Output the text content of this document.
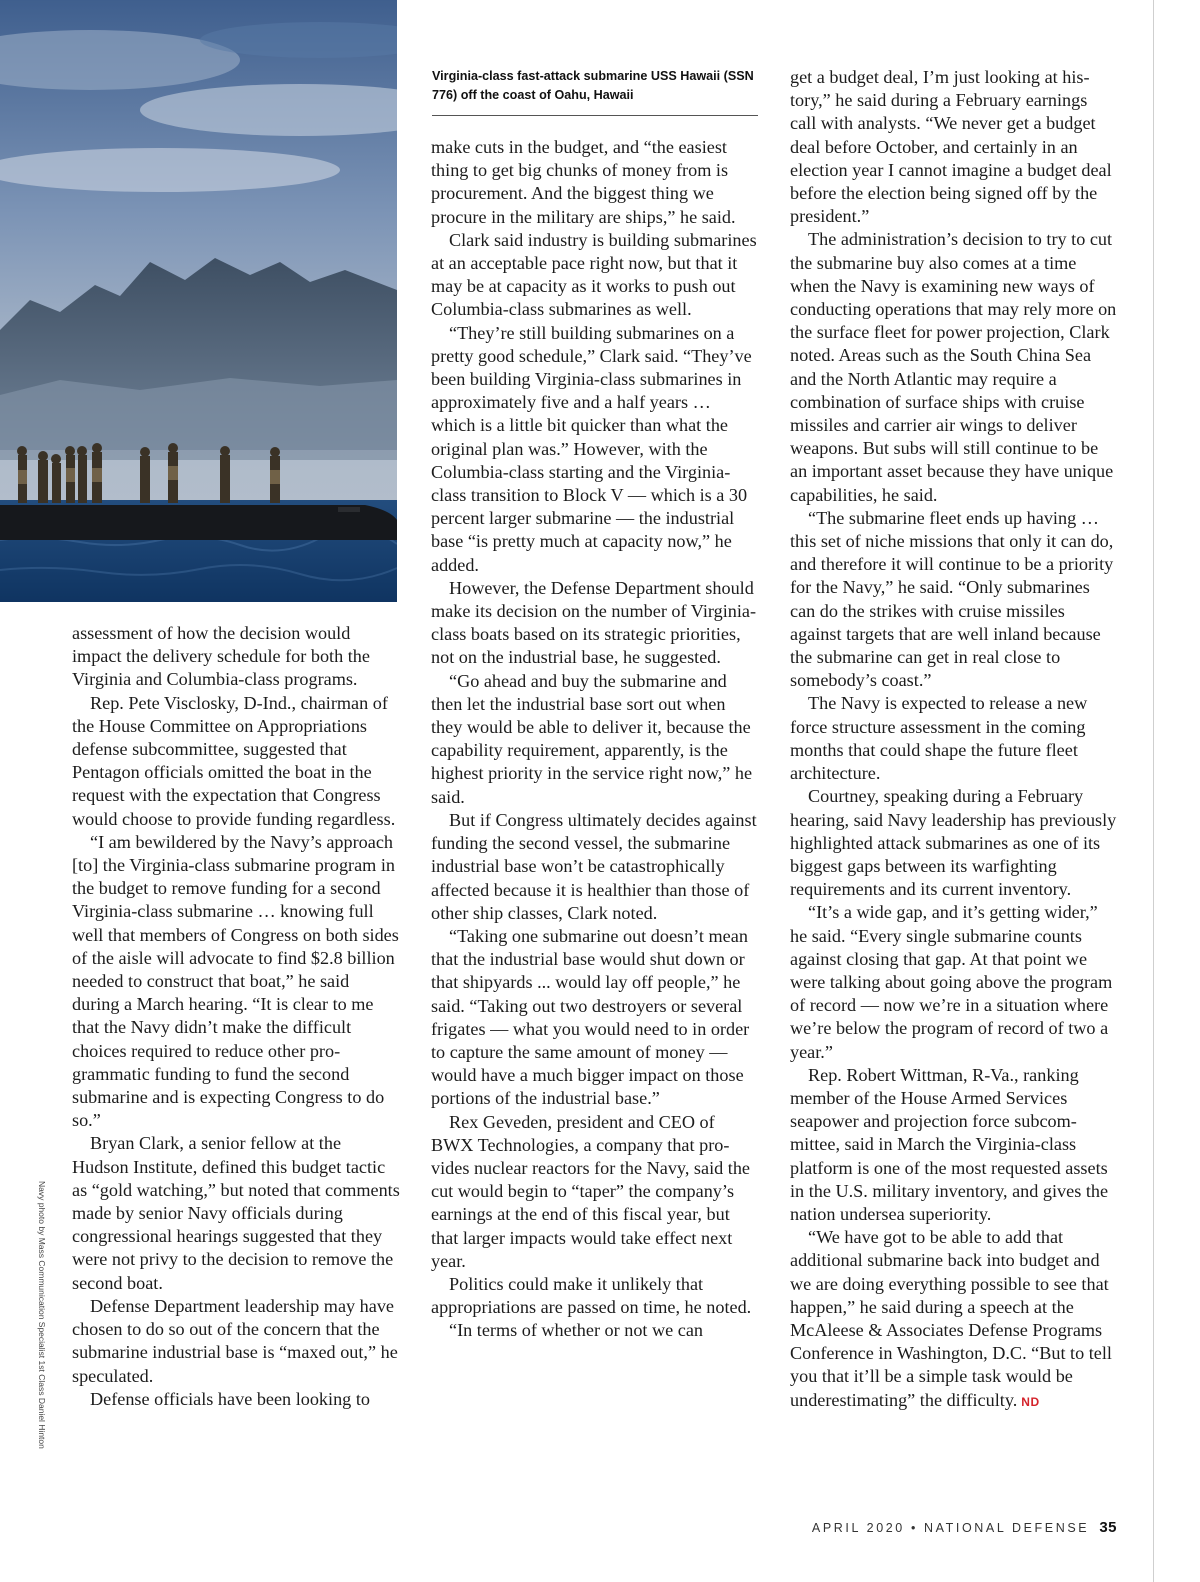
Virginia-class fast-attack submarine USS Hawaii (SSN 776) off the coast of Oahu, Hawaii

assessment of how the decision would impact the delivery schedule for both the Virginia and Columbia-class programs.

Rep. Pete Visclosky, D-Ind., chairman of the House Committee on Appropriations defense subcommittee, suggested that Pentagon officials omitted the boat in the request with the expectation that Congress would choose to provide funding regardless.

“I am bewildered by the Navy’s approach [to] the Virginia-class submarine program in the budget to remove funding for a second Virginia-class submarine … knowing full well that members of Congress on both sides of the aisle will advocate to find $2.8 billion needed to construct that boat,” he said during a March hearing. “It is clear to me that the Navy didn’t make the difficult choices required to reduce other programmatic funding to fund the second submarine and is expecting Congress to do so.”

Bryan Clark, a senior fellow at the Hudson Institute, defined this budget tactic as “gold watching,” but noted that comments made by senior Navy officials during congressional hearings suggested that they were not privy to the decision to remove the second boat.

Defense Department leadership may have chosen to do so out of the concern that the submarine industrial base is “maxed out,” he speculated.

Defense officials have been looking to

make cuts in the budget, and “the easiest thing to get big chunks of money from is procurement. And the biggest thing we procure in the military are ships,” he said.

Clark said industry is building submarines at an acceptable pace right now, but that it may be at capacity as it works to push out Columbia-class submarines as well.

“They’re still building submarines on a pretty good schedule,” Clark said. “They’ve been building Virginia-class submarines in approximately five and a half years … which is a little bit quicker than what the original plan was.” However, with the Columbia-class starting and the Virginia-class transition to Block V — which is a 30 percent larger submarine — the industrial base “is pretty much at capacity now,” he added.

However, the Defense Department should make its decision on the number of Virginia-class boats based on its strategic priorities, not on the industrial base, he suggested.

“Go ahead and buy the submarine and then let the industrial base sort out when they would be able to deliver it, because the capability requirement, apparently, is the highest priority in the service right now,” he said.

But if Congress ultimately decides against funding the second vessel, the submarine industrial base won’t be catastrophically affected because it is healthier than those of other ship classes, Clark noted.

“Taking one submarine out doesn’t mean that the industrial base would shut down or that shipyards ... would lay off people,” he said. “Taking out two destroyers or several frigates — what you would need to in order to capture the same amount of money — would have a much bigger impact on those portions of the industrial base.”

Rex Geveden, president and CEO of BWX Technologies, a company that provides nuclear reactors for the Navy, said the cut would begin to “taper” the company’s earnings at the end of this fiscal year, but that larger impacts would take effect next year.

Politics could make it unlikely that appropriations are passed on time, he noted.

“In terms of whether or not we can

get a budget deal, I’m just looking at history,” he said during a February earnings call with analysts. “We never get a budget deal before October, and certainly in an election year I cannot imagine a budget deal before the election being signed off by the president.”

The administration’s decision to try to cut the submarine buy also comes at a time when the Navy is examining new ways of conducting operations that may rely more on the surface fleet for power projection, Clark noted. Areas such as the South China Sea and the North Atlantic may require a combination of surface ships with cruise missiles and carrier air wings to deliver weapons. But subs will still continue to be an important asset because they have unique capabilities, he said.

“The submarine fleet ends up having … this set of niche missions that only it can do, and therefore it will continue to be a priority for the Navy,” he said. “Only submarines can do the strikes with cruise missiles against targets that are well inland because the submarine can get in real close to somebody’s coast.”

The Navy is expected to release a new force structure assessment in the coming months that could shape the future fleet architecture.

Courtney, speaking during a February hearing, said Navy leadership has previously highlighted attack submarines as one of its biggest gaps between its warfighting requirements and its current inventory.

“It’s a wide gap, and it’s getting wider,” he said. “Every single submarine counts against closing that gap. At that point we were talking about going above the program of record — now we’re in a situation where we’re below the program of record of two a year.”

Rep. Robert Wittman, R-Va., ranking member of the House Armed Services seapower and projection force subcommittee, said in March the Virginia-class platform is one of the most requested assets in the U.S. military inventory, and gives the nation undersea superiority.

“We have got to be able to add that additional submarine back into budget and we are doing everything possible to see that happen,” he said during a speech at the McAleese & Associates Defense Programs Conference in Washington, D.C. “But to tell you that it’ll be a simple task would be underestimating” the difficulty. ND

Navy photo by Mass Communication Specialist 1st Class Daniel Hinton
APRIL 2020 • NATIONAL DEFENSE 35
